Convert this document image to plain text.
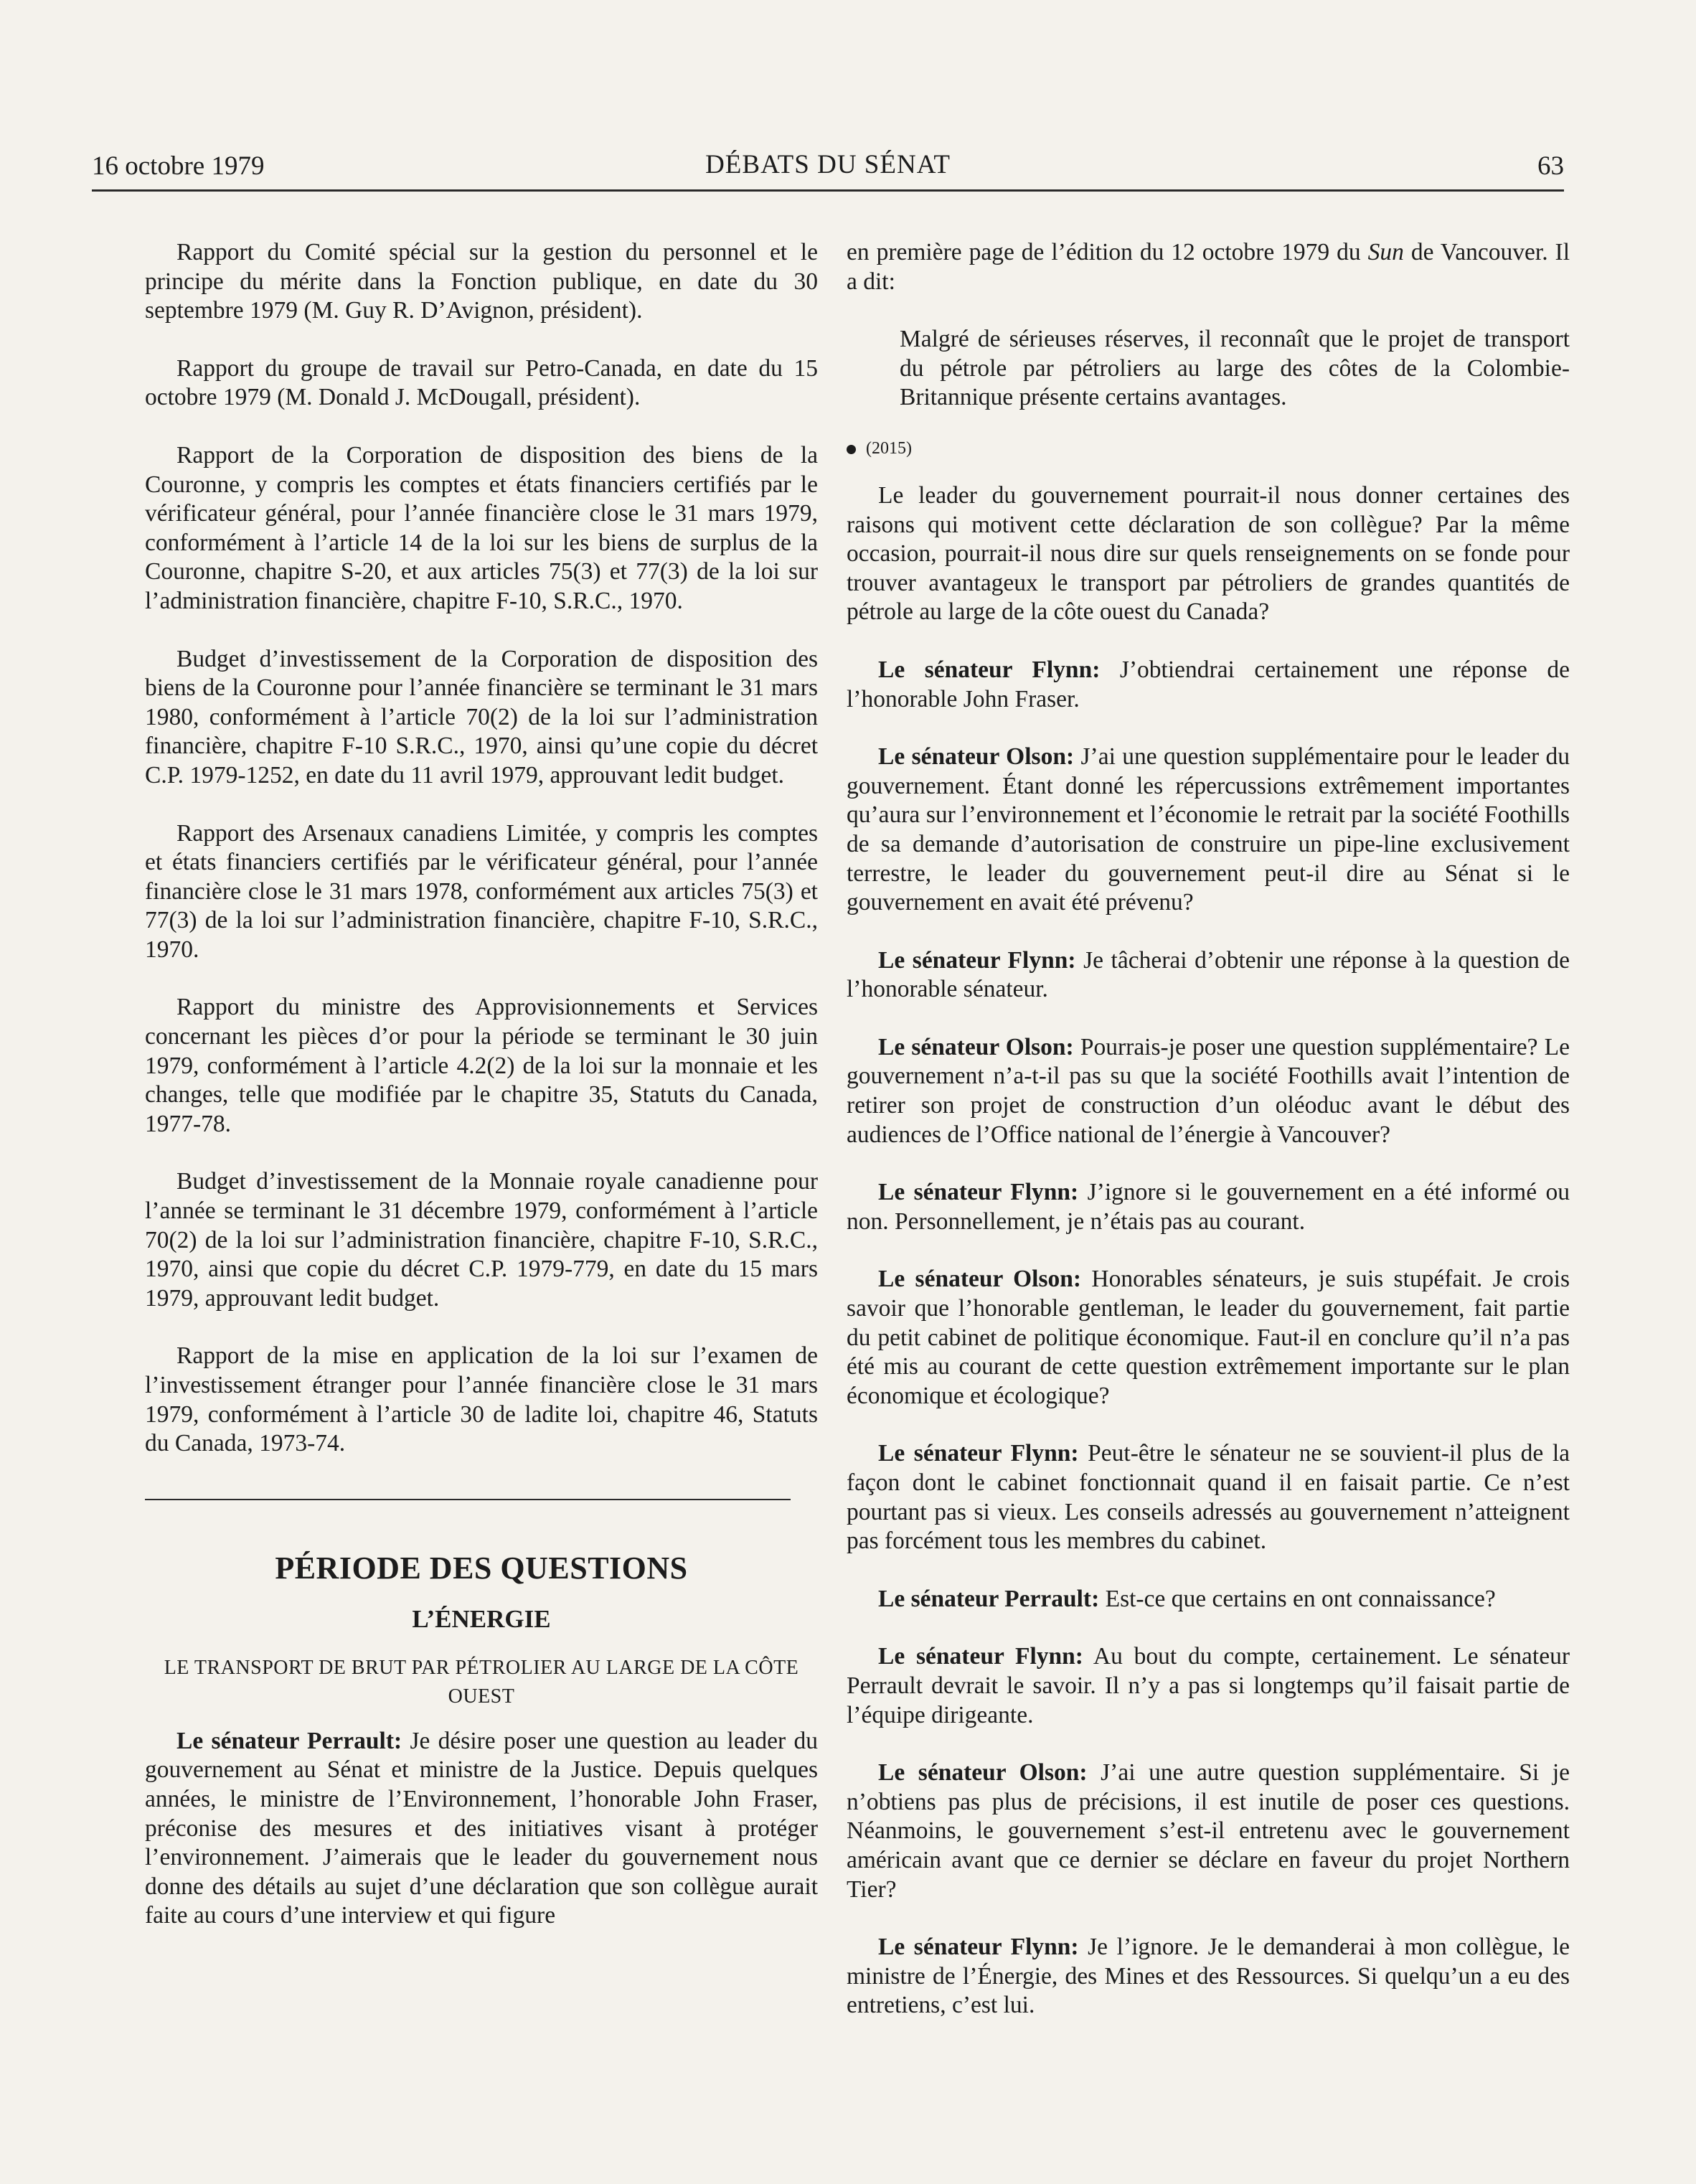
16 octobre 1979	DÉBATS DU SÉNAT	63

Rapport du Comité spécial sur la gestion du personnel et le principe du mérite dans la Fonction publique, en date du 30 septembre 1979 (M. Guy R. D’Avignon, président).

Rapport du groupe de travail sur Petro-Canada, en date du 15 octobre 1979 (M. Donald J. McDougall, président).

Rapport de la Corporation de disposition des biens de la Couronne, y compris les comptes et états financiers certifiés par le vérificateur général, pour l’année financière close le 31 mars 1979, conformément à l’article 14 de la loi sur les biens de surplus de la Couronne, chapitre S-20, et aux articles 75(3) et 77(3) de la loi sur l’administration financière, chapitre F-10, S.R.C., 1970.

Budget d’investissement de la Corporation de disposition des biens de la Couronne pour l’année financière se terminant le 31 mars 1980, conformément à l’article 70(2) de la loi sur l’administration financière, chapitre F-10 S.R.C., 1970, ainsi qu’une copie du décret C.P. 1979-1252, en date du 11 avril 1979, approuvant ledit budget.

Rapport des Arsenaux canadiens Limitée, y compris les comptes et états financiers certifiés par le vérificateur général, pour l’année financière close le 31 mars 1978, conformément aux articles 75(3) et 77(3) de la loi sur l’administration financière, chapitre F-10, S.R.C., 1970.

Rapport du ministre des Approvisionnements et Services concernant les pièces d’or pour la période se terminant le 30 juin 1979, conformément à l’article 4.2(2) de la loi sur la monnaie et les changes, telle que modifiée par le chapitre 35, Statuts du Canada, 1977-78.

Budget d’investissement de la Monnaie royale canadienne pour l’année se terminant le 31 décembre 1979, conformément à l’article 70(2) de la loi sur l’administration financière, chapitre F-10, S.R.C., 1970, ainsi que copie du décret C.P. 1979-779, en date du 15 mars 1979, approuvant ledit budget.

Rapport de la mise en application de la loi sur l’examen de l’investissement étranger pour l’année financière close le 31 mars 1979, conformément à l’article 30 de ladite loi, chapitre 46, Statuts du Canada, 1973-74.

PÉRIODE DES QUESTIONS
L’ÉNERGIE
LE TRANSPORT DE BRUT PAR PÉTROLIER AU LARGE DE LA CÔTE OUEST

Le sénateur Perrault: Je désire poser une question au leader du gouvernement au Sénat et ministre de la Justice. Depuis quelques années, le ministre de l’Environnement, l’honorable John Fraser, préconise des mesures et des initiatives visant à protéger l’environnement. J’aimerais que le leader du gouvernement nous donne des détails au sujet d’une déclaration que son collègue aurait faite au cours d’une interview et qui figure

en première page de l’édition du 12 octobre 1979 du Sun de Vancouver. Il a dit:

Malgré de sérieuses réserves, il reconnaît que le projet de transport du pétrole par pétroliers au large des côtes de la Colombie-Britannique présente certains avantages.

(2015)

Le leader du gouvernement pourrait-il nous donner certaines des raisons qui motivent cette déclaration de son collègue? Par la même occasion, pourrait-il nous dire sur quels renseignements on se fonde pour trouver avantageux le transport par pétroliers de grandes quantités de pétrole au large de la côte ouest du Canada?

Le sénateur Flynn: J’obtiendrai certainement une réponse de l’honorable John Fraser.

Le sénateur Olson: J’ai une question supplémentaire pour le leader du gouvernement. Étant donné les répercussions extrêmement importantes qu’aura sur l’environnement et l’économie le retrait par la société Foothills de sa demande d’autorisation de construire un pipe-line exclusivement terrestre, le leader du gouvernement peut-il dire au Sénat si le gouvernement en avait été prévenu?

Le sénateur Flynn: Je tâcherai d’obtenir une réponse à la question de l’honorable sénateur.

Le sénateur Olson: Pourrais-je poser une question supplémentaire? Le gouvernement n’a-t-il pas su que la société Foothills avait l’intention de retirer son projet de construction d’un oléoduc avant le début des audiences de l’Office national de l’énergie à Vancouver?

Le sénateur Flynn: J’ignore si le gouvernement en a été informé ou non. Personnellement, je n’étais pas au courant.

Le sénateur Olson: Honorables sénateurs, je suis stupéfait. Je crois savoir que l’honorable gentleman, le leader du gouvernement, fait partie du petit cabinet de politique économique. Faut-il en conclure qu’il n’a pas été mis au courant de cette question extrêmement importante sur le plan économique et écologique?

Le sénateur Flynn: Peut-être le sénateur ne se souvient-il plus de la façon dont le cabinet fonctionnait quand il en faisait partie. Ce n’est pourtant pas si vieux. Les conseils adressés au gouvernement n’atteignent pas forcément tous les membres du cabinet.

Le sénateur Perrault: Est-ce que certains en ont connaissance?

Le sénateur Flynn: Au bout du compte, certainement. Le sénateur Perrault devrait le savoir. Il n’y a pas si longtemps qu’il faisait partie de l’équipe dirigeante.

Le sénateur Olson: J’ai une autre question supplémentaire. Si je n’obtiens pas plus de précisions, il est inutile de poser ces questions. Néanmoins, le gouvernement s’est-il entretenu avec le gouvernement américain avant que ce dernier se déclare en faveur du projet Northern Tier?

Le sénateur Flynn: Je l’ignore. Je le demanderai à mon collègue, le ministre de l’Énergie, des Mines et des Ressources. Si quelqu’un a eu des entretiens, c’est lui.
